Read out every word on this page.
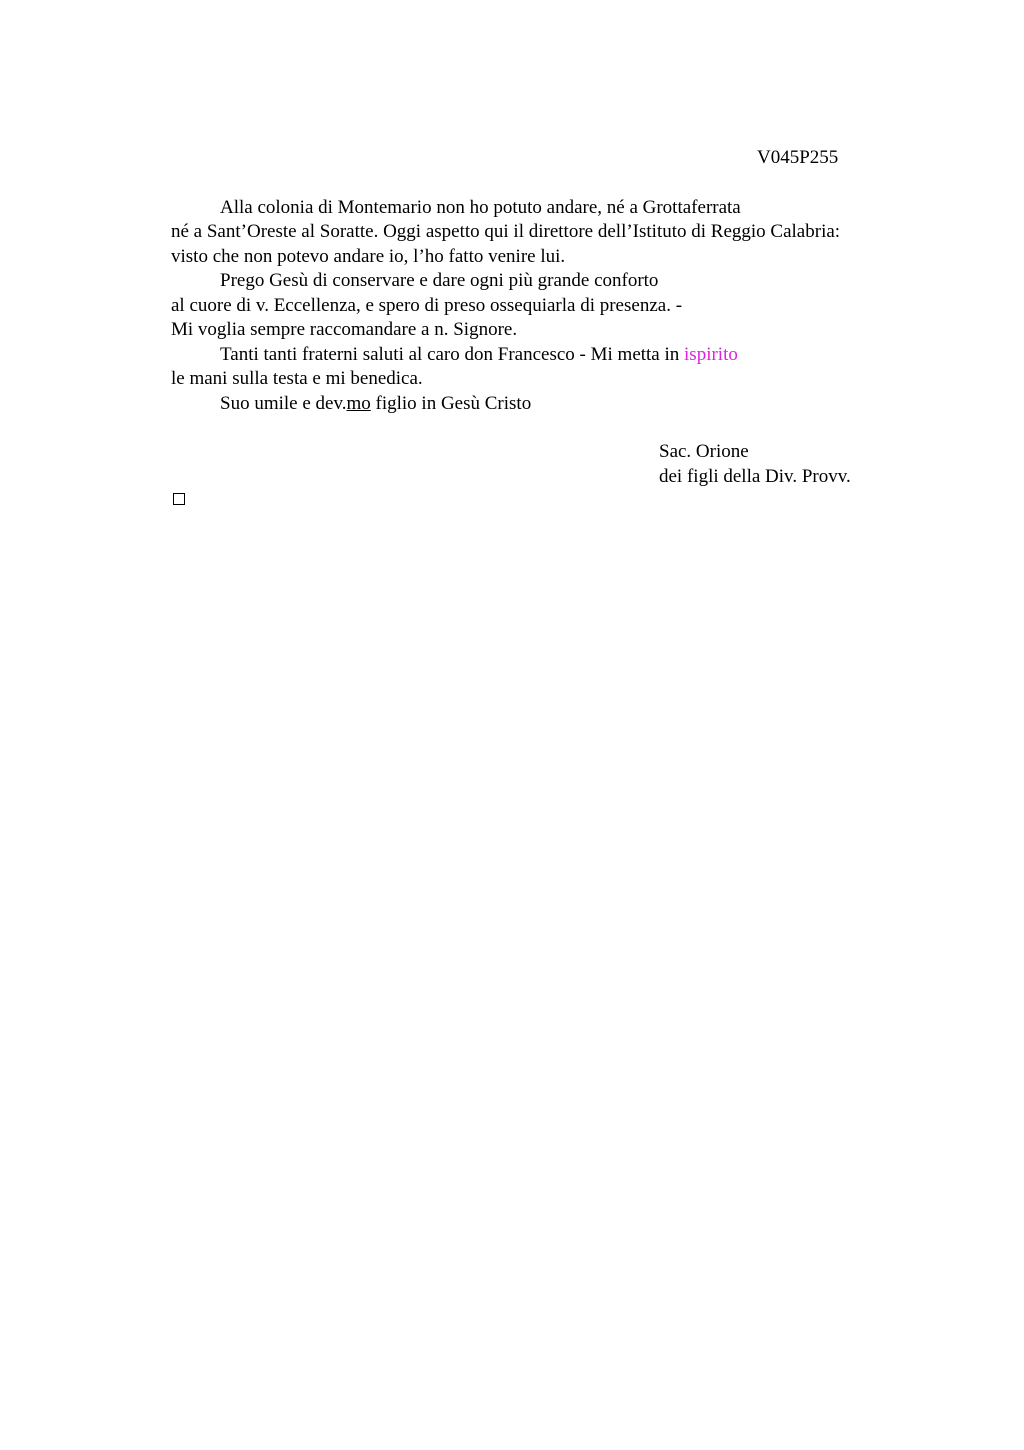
V045P255
Alla colonia di Montemario non ho potuto andare, né a Grottaferrata
né a Sant’Oreste al Soratte. Oggi aspetto qui il direttore dell’Istituto di Reggio Calabria:
visto che non potevo andare io, l’ho fatto venire lui.
Prego Gesù di conservare e dare ogni più grande conforto
al cuore di v. Eccellenza, e spero di preso ossequiarla di presenza. -
Mi voglia sempre raccomandare a n. Signore.
Tanti tanti fraterni saluti al caro don Francesco - Mi metta in ispirito
le mani sulla testa e mi benedica.
Suo umile e dev.mo figlio in Gesù Cristo
Sac. Orione
dei figli della Div. Provv.
